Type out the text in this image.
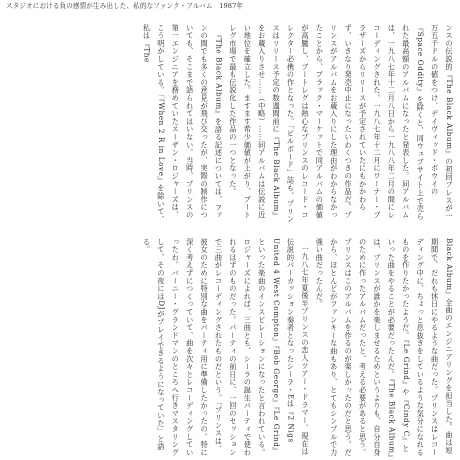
スタジオにおける負の感情が生み出した、私的なファンク・アルバム　1987年

ンスの伝説的『The Black Album』の初回プレスが一万五千ドルの値をつけ、デイヴィッド・ボウイの『Space Oddity』を除くと、同ウェブサイト上で売られた最高額のアルバムになったと発表した。同アルバムは、一九八七年十二月八日から一九八八年二月の間にレコーディングされた。一九八七年十二月にワーナー・ブラザーズからリリースが予定されていたにもかかわらず、いきなり発売中止になったいわくつきの作品だ。プリンスがアルバムをお蔵入りにした理由がわからなかったことから、ブラック・マーケットで同アルバムの価値が高騰し、ブートレグは熱心なプリンスのレコード・コレクター必携の作となった。「ビルボード」誌も、プリンスはリリース予定の数週間前に『The Black Album』をお蔵入りさせ……（中略）……同アルバムは伝説に近い地位を確立した。ますます希少価値が上がり、ブートレグ市場で最も伝説化した作品の一つとなった。

『The Black Album』を語る記述については、ファンの間でも多くの意見が飛び交ったが、実際の制作についても、そこまで語られてはいない。当時、プリンスの第一エンジニアを務めていたスーザン・ロジャーズは、こう明かしている。「『When 2 R in Love』を除いて、私は『The

Black Album』全曲のエンジニアリングを担当した。曲は短期間で、だれも休日にやるような曲だった。プリンスはレコーディング中に、ちょっと息抜きをしているような気分になれるものを作りたかったようだ。『Le Grind』や『Cindy C』といった曲をやることが必要だったんだ。『The Black Album』は、プリンスが誰かを楽しませるためというよりも、自分自身のために作ったアルバムだったと、考える必要があると思う。プリンスはこのアルバムを作るのが楽しかったのだと思う。だから、ほとんどがファンキーな曲もあり、とてもシンプルで力強い曲だったんだ。

一九八七年夏後半プリンスの恋人ツアー・ドラマー、現在は伝説的パーカッション奏者となったシーラ・Eは『2 Nigs United 4 West Compton』『Bob George』『Le Grind』といった楽曲のインスピレーションになったと言われている。ロジャーズによれば、三曲とも、シーラの誕生パーティで使われるはずのものだった。パーティの前日に、一回のセッションで三曲がレコーディングされたものだという。「プリンスは、彼女のために特別な曲をパーティ用に準備したかったの。特に深く考えずにつくっていて、曲を次々とレコーディングしていったわ。バーニー・グランドマンのところへ行きマスタリングして、その夜にはDJがプレイできるようになっていた」と語る。
